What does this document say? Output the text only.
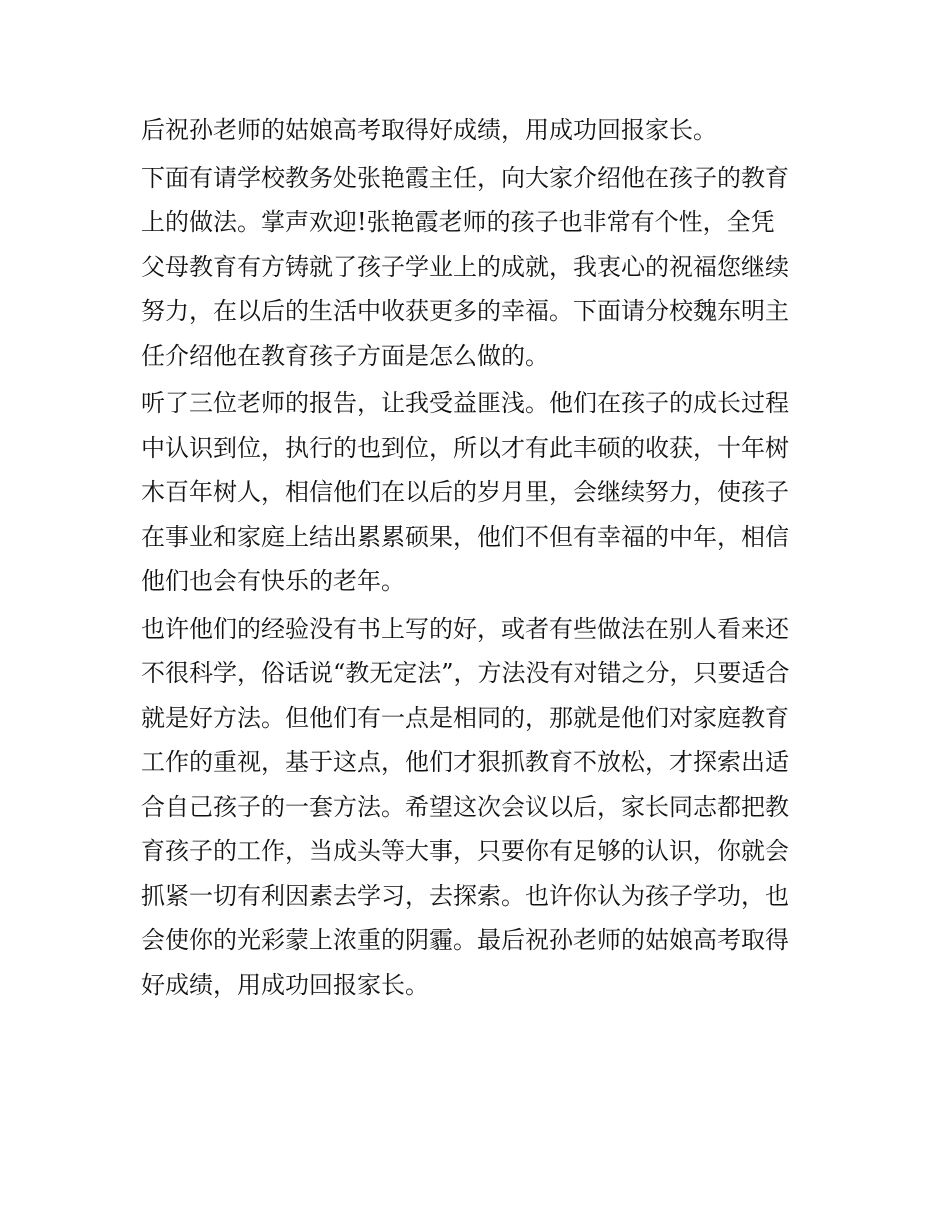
后祝孙老师的姑娘高考取得好成绩，用成功回报家长。
下面有请学校教务处张艳霞主任，向大家介绍他在孩子的教育
上的做法。掌声欢迎!张艳霞老师的孩子也非常有个性，全凭
父母教育有方铸就了孩子学业上的成就，我衷心的祝福您继续
努力，在以后的生活中收获更多的幸福。下面请分校魏东明主
任介绍他在教育孩子方面是怎么做的。
听了三位老师的报告，让我受益匪浅。他们在孩子的成长过程
中认识到位，执行的也到位，所以才有此丰硕的收获，十年树
木百年树人，相信他们在以后的岁月里，会继续努力，使孩子
在事业和家庭上结出累累硕果，他们不但有幸福的中年，相信
他们也会有快乐的老年。
也许他们的经验没有书上写的好，或者有些做法在别人看来还
不很科学，俗话说“教无定法”，方法没有对错之分，只要适合
就是好方法。但他们有一点是相同的，那就是他们对家庭教育
工作的重视，基于这点，他们才狠抓教育不放松，才探索出适
合自己孩子的一套方法。希望这次会议以后，家长同志都把教
育孩子的工作，当成头等大事，只要你有足够的认识，你就会
抓紧一切有利因素去学习，去探索。也许你认为孩子学功，也
会使你的光彩蒙上浓重的阴霾。最后祝孙老师的姑娘高考取得
好成绩，用成功回报家长。
